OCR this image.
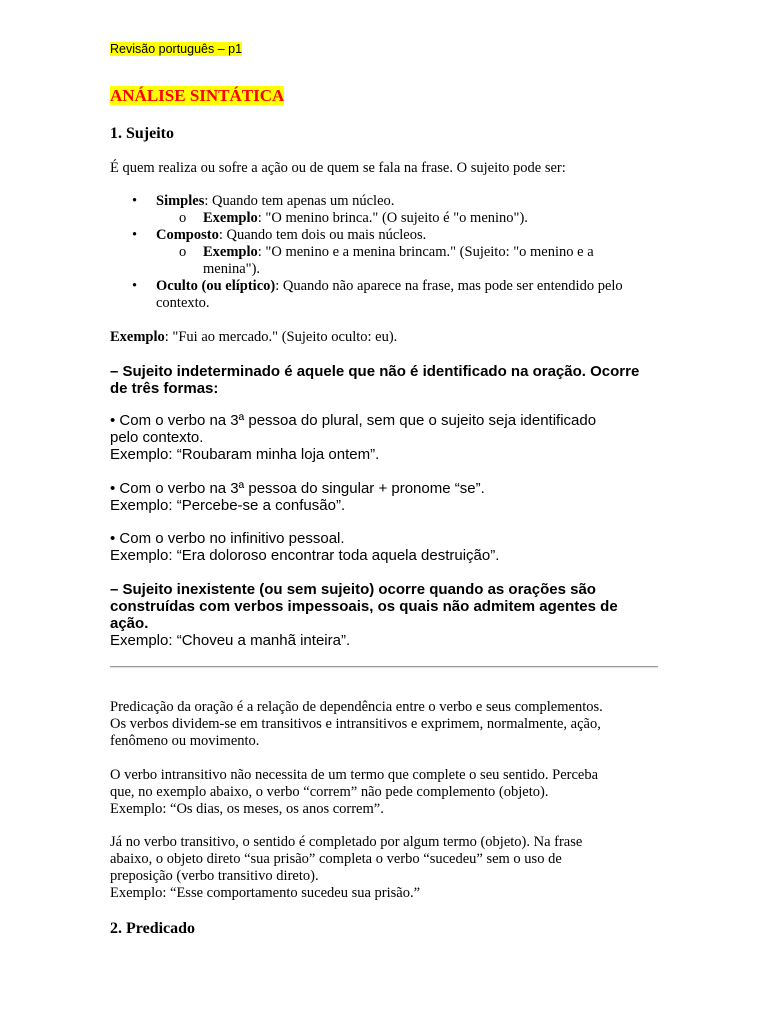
Revisão português – p1
ANÁLISE SINTÁTICA
1. Sujeito
É quem realiza ou sofre a ação ou de quem se fala na frase. O sujeito pode ser:
• Simples: Quando tem apenas um núcleo.
o Exemplo: "O menino brinca." (O sujeito é "o menino").
• Composto: Quando tem dois ou mais núcleos.
o Exemplo: "O menino e a menina brincam." (Sujeito: "o menino e a
menina").
• Oculto (ou elíptico): Quando não aparece na frase, mas pode ser entendido pelo
contexto.
Exemplo: "Fui ao mercado." (Sujeito oculto: eu).
– Sujeito indeterminado é aquele que não é identificado na oração. Ocorre de três formas:
• Com o verbo na 3ª pessoa do plural, sem que o sujeito seja identificado
pelo contexto.
Exemplo: “Roubaram minha loja ontem”.
• Com o verbo na 3ª pessoa do singular + pronome “se”.
Exemplo: “Percebe-se a confusão”.
• Com o verbo no infinitivo pessoal.
Exemplo: “Era doloroso encontrar toda aquela destruição”.
– Sujeito inexistente (ou sem sujeito) ocorre quando as orações são
construídas com verbos impessoais, os quais não admitem agentes de
ação.
Exemplo: “Choveu a manhã inteira”.
Predicação da oração é a relação de dependência entre o verbo e seus complementos.
Os verbos dividem-se em transitivos e intransitivos e exprimem, normalmente, ação,
fenômeno ou movimento.
O verbo intransitivo não necessita de um termo que complete o seu sentido. Perceba
que, no exemplo abaixo, o verbo “correm” não pede complemento (objeto).
Exemplo: “Os dias, os meses, os anos correm”.
Já no verbo transitivo, o sentido é completado por algum termo (objeto). Na frase
abaixo, o objeto direto “sua prisão” completa o verbo “sucedeu” sem o uso de
preposição (verbo transitivo direto).
Exemplo: “Esse comportamento sucedeu sua prisão.”
2. Predicado
